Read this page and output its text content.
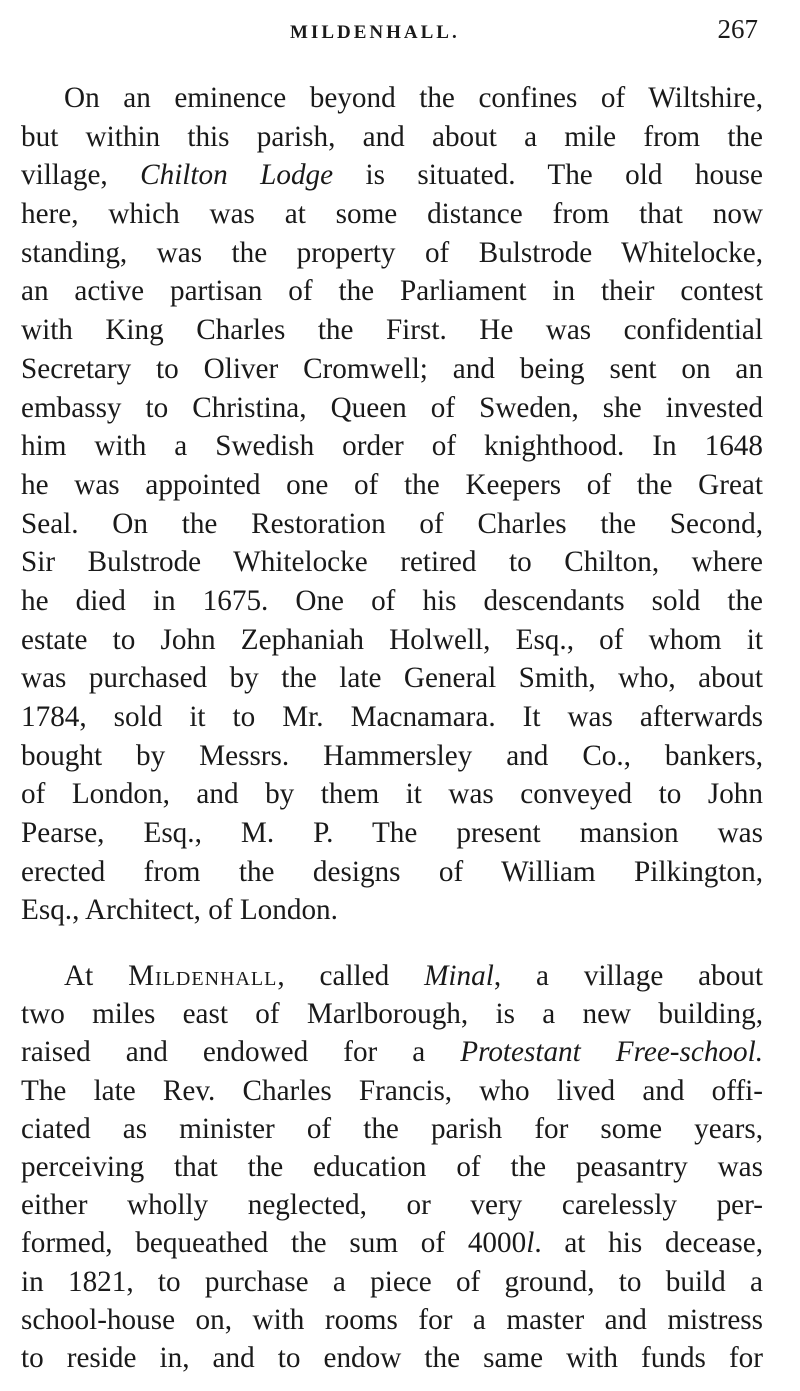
MILDENHALL.	267
On an eminence beyond the confines of Wiltshire,
but within this parish, and about a mile from the
village, Chilton Lodge is situated. The old house
here, which was at some distance from that now
standing, was the property of Bulstrode Whitelocke,
an active partisan of the Parliament in their contest
with King Charles the First. He was confidential
Secretary to Oliver Cromwell; and being sent on an
embassy to Christina, Queen of Sweden, she invested
him with a Swedish order of knighthood. In 1648
he was appointed one of the Keepers of the Great
Seal. On the Restoration of Charles the Second,
Sir Bulstrode Whitelocke retired to Chilton, where
he died in 1675. One of his descendants sold the
estate to John Zephaniah Holwell, Esq., of whom it
was purchased by the late General Smith, who, about
1784, sold it to Mr. Macnamara. It was afterwards
bought by Messrs. Hammersley and Co., bankers,
of London, and by them it was conveyed to John
Pearse, Esq., M. P. The present mansion was
erected from the designs of William Pilkington,
Esq., Architect, of London.
At Mildenhall, called Minal, a village about
two miles east of Marlborough, is a new building,
raised and endowed for a Protestant Free-school.
The late Rev. Charles Francis, who lived and offi-
ciated as minister of the parish for some years,
perceiving that the education of the peasantry was
either wholly neglected, or very carelessly per-
formed, bequeathed the sum of 4000l. at his decease,
in 1821, to purchase a piece of ground, to build a
school-house on, with rooms for a master and mistress
to reside in, and to endow the same with funds for
